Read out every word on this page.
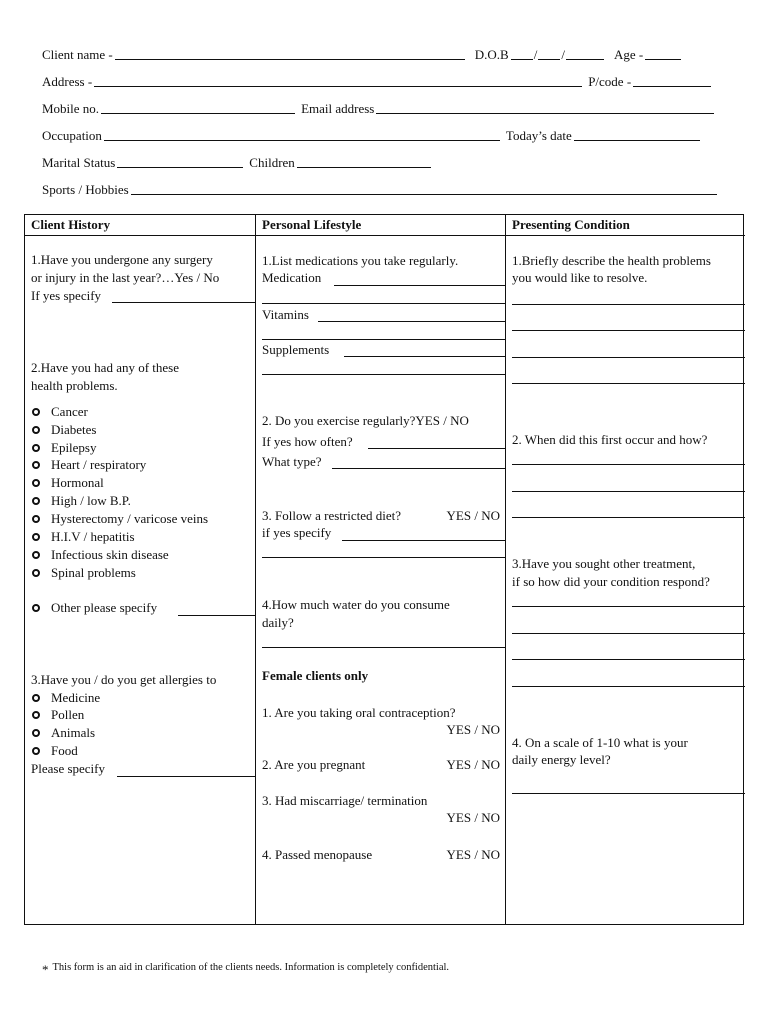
Client name -	D.O.B / /	Age -
Address -	P/code -
Mobile no.	Email address
Occupation	Today’s date
Marital Status	Children
Sports / Hobbies
Client History
1.Have you undergone any surgery
or injury in the last year?…Yes / No
If yes specify
2.Have you had any of these
health problems.
Cancer
Diabetes
Epilepsy
Heart / respiratory
Hormonal
High / low B.P.
Hysterectomy / varicose veins
H.I.V / hepatitis
Infectious skin disease
Spinal problems
Other please specify
3.Have you / do you get allergies to
Medicine
Pollen
Animals
Food
Please specify
Personal Lifestyle
1.List medications you take regularly.
Medication
Vitamins
Supplements
2. Do you exercise regularly?YES / NO
If yes how often?
What type?
3. Follow a restricted diet?	YES / NO
if yes specify
4.How much water do you consume
daily?
Female clients only
1. Are you taking oral contraception?
YES / NO
2. Are you pregnant	YES / NO
3. Had miscarriage/ termination
YES / NO
4. Passed menopause	YES / NO
Presenting Condition
1.Briefly describe the health problems
you would like to resolve.
2. When did this first occur and how?
3.Have you sought other treatment,
if so how did your condition respond?
4. On a scale of 1-10 what is your
daily energy level?
* This form is an aid in clarification of the clients needs. Information is completely confidential.
